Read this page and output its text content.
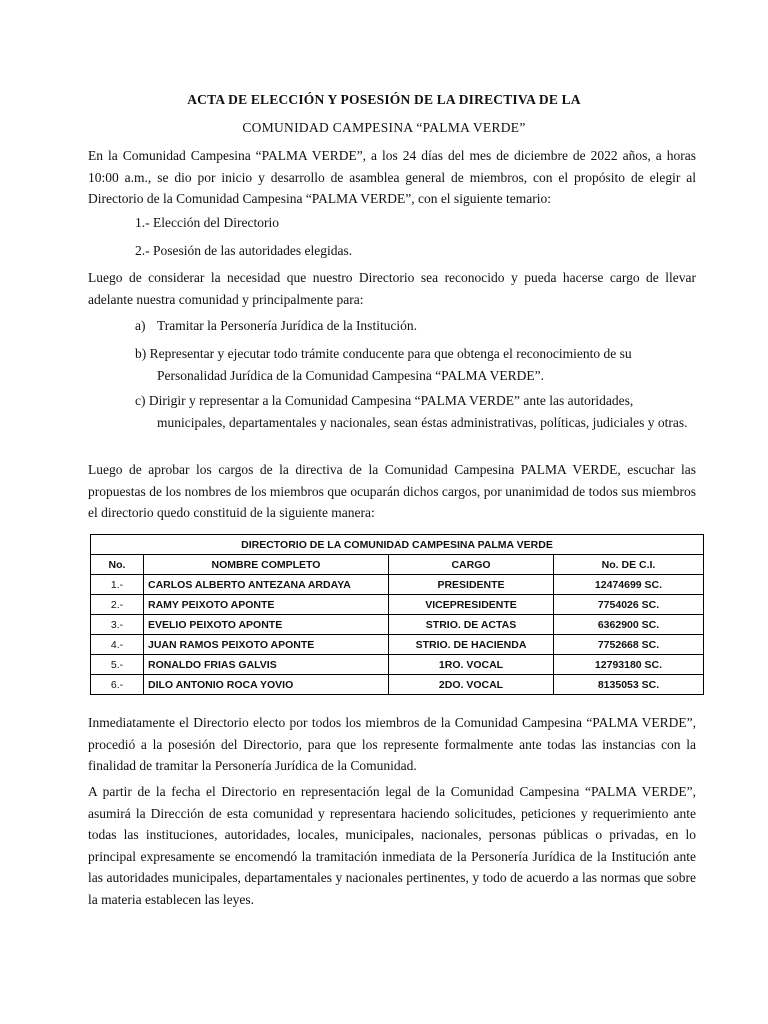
ACTA DE ELECCIÓN Y POSESIÓN DE LA DIRECTIVA DE LA
COMUNIDAD CAMPESINA “PALMA VERDE”
En la Comunidad Campesina “PALMA VERDE”, a los 24 días del mes de diciembre de 2022 años, a horas 10:00 a.m., se dio por inicio y desarrollo de asamblea general de miembros, con el propósito de elegir al Directorio de la Comunidad Campesina “PALMA VERDE”, con el siguiente temario:
1.- Elección del Directorio
2.- Posesión de las autoridades elegidas.
Luego de considerar la necesidad que nuestro Directorio sea reconocido y pueda hacerse cargo de llevar adelante nuestra comunidad y principalmente para:
a) Tramitar la Personería Jurídica de la Institución.
b) Representar y ejecutar todo trámite conducente para que obtenga el reconocimiento de su
Personalidad Jurídica de la Comunidad Campesina “PALMA VERDE”.
c) Dirigir y representar a la Comunidad Campesina “PALMA VERDE” ante las autoridades,
municipales, departamentales y nacionales, sean éstas administrativas, políticas, judiciales y otras.
Luego de aprobar los cargos de la directiva de la Comunidad Campesina PALMA VERDE, escuchar las propuestas de los nombres de los miembros que ocuparán dichos cargos, por unanimidad de todos sus miembros el directorio quedo constituid de la siguiente manera:
DIRECTORIO DE LA COMUNIDAD CAMPESINA PALMA VERDE			
No.	NOMBRE COMPLETO	CARGO	No. DE C.I.
1.-	CARLOS ALBERTO ANTEZANA ARDAYA	PRESIDENTE	12474699 SC.
2.-	RAMY PEIXOTO APONTE	VICEPRESIDENTE	7754026 SC.
3.-	EVELIO PEIXOTO APONTE	STRIO. DE ACTAS	6362900 SC.
4.-	JUAN RAMOS PEIXOTO APONTE	STRIO. DE HACIENDA	7752668 SC.
5.-	RONALDO FRIAS GALVIS	1RO. VOCAL	12793180 SC.
6.-	DILO ANTONIO ROCA YOVIO	2DO. VOCAL	8135053 SC.
Inmediatamente el Directorio electo por todos los miembros de la Comunidad Campesina “PALMA VERDE”, procedió a la posesión del Directorio, para que los represente formalmente ante todas las instancias con la finalidad de tramitar la Personería Jurídica de la Comunidad.
A partir de la fecha el Directorio en representación legal de la Comunidad Campesina “PALMA VERDE”, asumirá la Dirección de esta comunidad y representara haciendo solicitudes, peticiones y requerimiento ante todas las instituciones, autoridades, locales, municipales, nacionales, personas públicas o privadas, en lo principal expresamente se encomendó la tramitación inmediata de la Personería Jurídica de la Institución ante las autoridades municipales, departamentales y nacionales pertinentes, y todo de acuerdo a las normas que sobre la materia establecen las leyes.
